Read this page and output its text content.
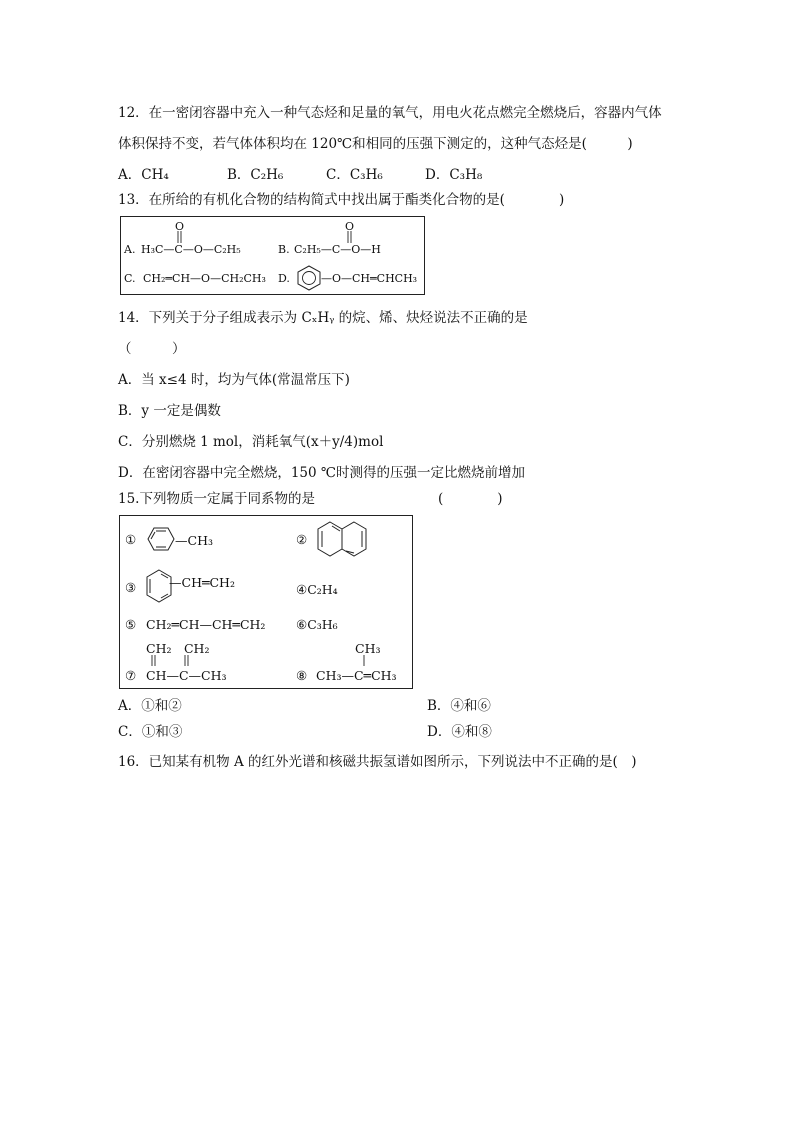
12．在一密闭容器中充入一种气态烃和足量的氧气，用电火花点燃完全燃烧后，容器内气体
体积保持不变，若气体体积均在 120℃和相同的压强下测定的，这种气态烃是(　　　)
A．CH₄	B．C₂H₆	C．C₃H₆	D．C₃H₈
13．在所给的有机化合物的结构简式中找出属于酯类化合物的是(　　　　)
A. H₃C—C—O—C₂H₅
O
B. C₂H₅—C—O—H
O
C. CH₂═CH—O—CH₂CH₃ D.	—O—CH═CHCH₃
14．下列关于分子组成表示为 CₓHᵧ 的烷、烯、炔烃说法不正确的是
（　　　）
A．当 x≤4 时，均为气体(常温常压下)
B．y 一定是偶数
C．分别燃烧 1 mol，消耗氧气(x＋y/4)mol
D．在密闭容器中完全燃烧，150 ℃时测得的压强一定比燃烧前增加
15.下列物质一定属于同系物的是	(　　　　)
①	—CH₃	②
③	—CH═CH₂	④C₂H₄
⑤ CH₂═CH—CH═CH₂ ⑥C₃H₆
CH₂　CH₂
⑦ CH—C—CH₃
CH₃
⑧ CH₃—C═CH₃
A．①和②	B．④和⑥
C．①和③	D．④和⑧
16．已知某有机物 A 的红外光谱和核磁共振氢谱如图所示，下列说法中不正确的是(　)
